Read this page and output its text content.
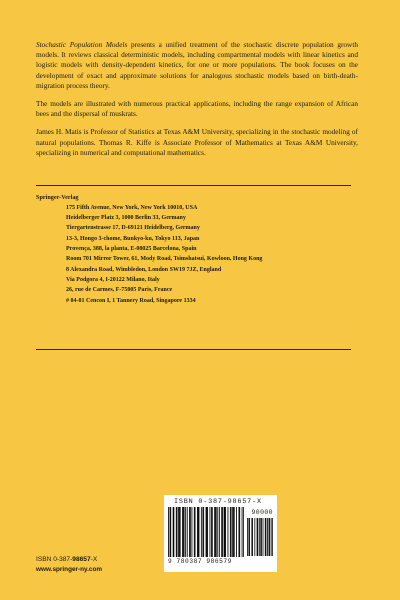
Stochastic Population Models presents a unified treatment of the stochastic discrete population growth models. It reviews classical deterministic models, including compartmental models with linear kinetics and logistic models with density-dependent kinetics, for one or more populations. The book focuses on the development of exact and approximate solutions for analogous stochastic models based on birth-death-migration process theory.

The models are illustrated with numerous practical applications, including the range expansion of African bees and the dispersal of muskrats.

James H. Matis is Professor of Statistics at Texas A&M University, specializing in the stochastic modeling of natural populations. Thomas R. Kiffe is Associate Professor of Mathematics at Texas A&M University, specializing in numerical and computational mathematics.

Springer-Verlag
175 Fifth Avenue, New York, New York 10010, USA
Heidelberger Platz 3, 1000 Berlin 33, Germany
Tiergartenstrasse 17, D-69121 Heidelberg, Germany
13-3, Hongo 3-chome, Bunkyo-ku, Tokyo 113, Japan
Provença, 388, la planta, E-08025 Barcelona, Spain
Room 701 Mirror Tower, 61, Mody Road, Tsimshatsui, Kowloon, Hong Kong
8 Alexandra Road, Wimbledon, London SW19 7JZ, England
Via Podgora 4, I-20122 Milano, Italy
26, rue de Carmes, F-75005 Paris, France
# 04-01 Cencon I, 1 Tannery Road, Singapore 1334
ISBN 0-387-98657-X
90000
9 780387 986579
ISBN 0-387-98657-X
www.springer-ny.com
